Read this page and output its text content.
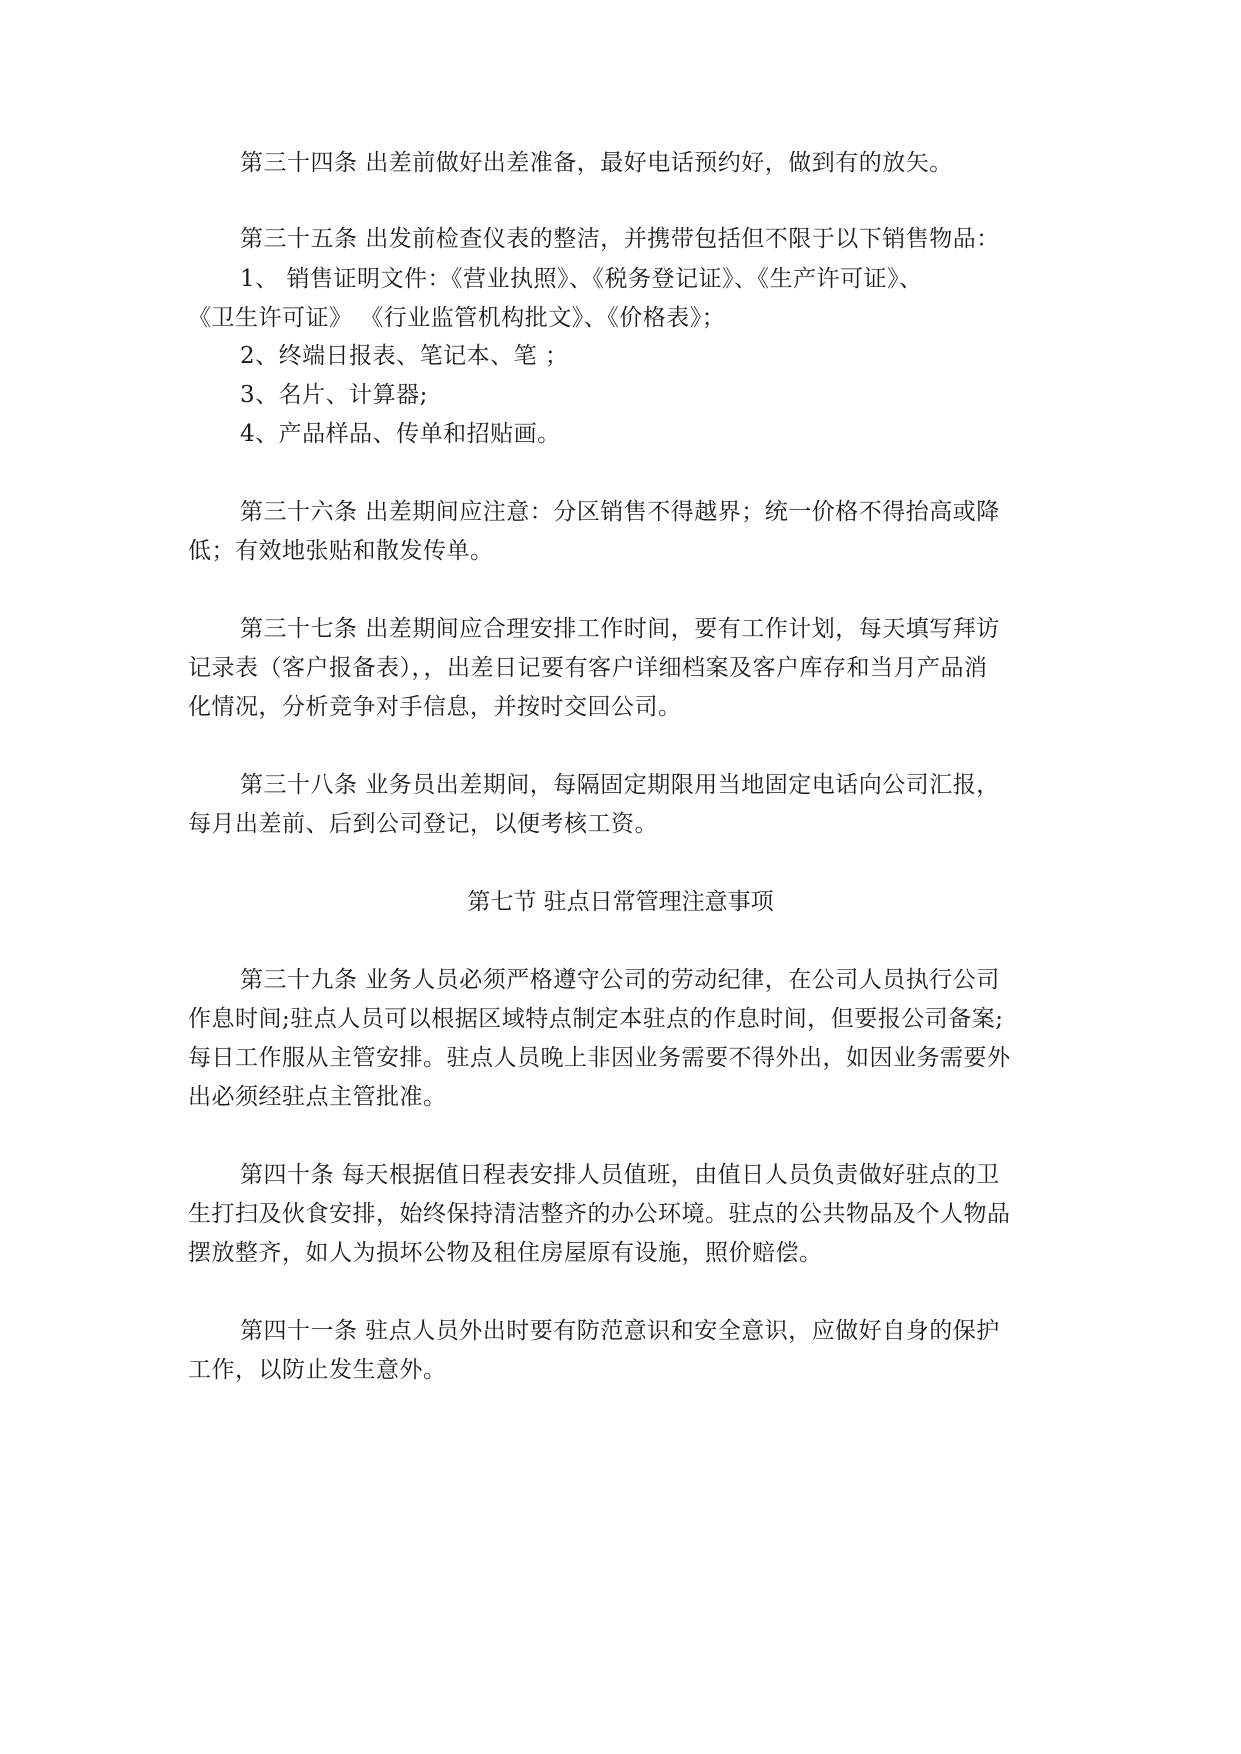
第三十四条 出差前做好出差准备，最好电话预约好，做到有的放矢。
第三十五条 出发前检查仪表的整洁，并携带包括但不限于以下销售物品：
1、 销售证明文件：《营业执照》、《税务登记证》、《生产许可证》、
《卫生许可证》 《行业监管机构批文》、《价格表》；
2、终端日报表、笔记本、笔 ；
3、名片、计算器;
4、产品样品、传单和招贴画。
第三十六条 出差期间应注意：分区销售不得越界；统一价格不得抬高或降
低；有效地张贴和散发传单。
第三十七条 出差期间应合理安排工作时间，要有工作计划，每天填写拜访
记录表（客户报备表），，出差日记要有客户详细档案及客户库存和当月产品消
化情况，分析竞争对手信息，并按时交回公司。
第三十八条 业务员出差期间，每隔固定期限用当地固定电话向公司汇报，
每月出差前、后到公司登记，以便考核工资。
第七节 驻点日常管理注意事项
第三十九条 业务人员必须严格遵守公司的劳动纪律，在公司人员执行公司
作息时间;驻点人员可以根据区域特点制定本驻点的作息时间，但要报公司备案;
每日工作服从主管安排。驻点人员晚上非因业务需要不得外出，如因业务需要外
出必须经驻点主管批准。
第四十条 每天根据值日程表安排人员值班，由值日人员负责做好驻点的卫
生打扫及伙食安排，始终保持清洁整齐的办公环境。驻点的公共物品及个人物品
摆放整齐，如人为损坏公物及租住房屋原有设施，照价赔偿。
第四十一条 驻点人员外出时要有防范意识和安全意识，应做好自身的保护
工作，以防止发生意外。
